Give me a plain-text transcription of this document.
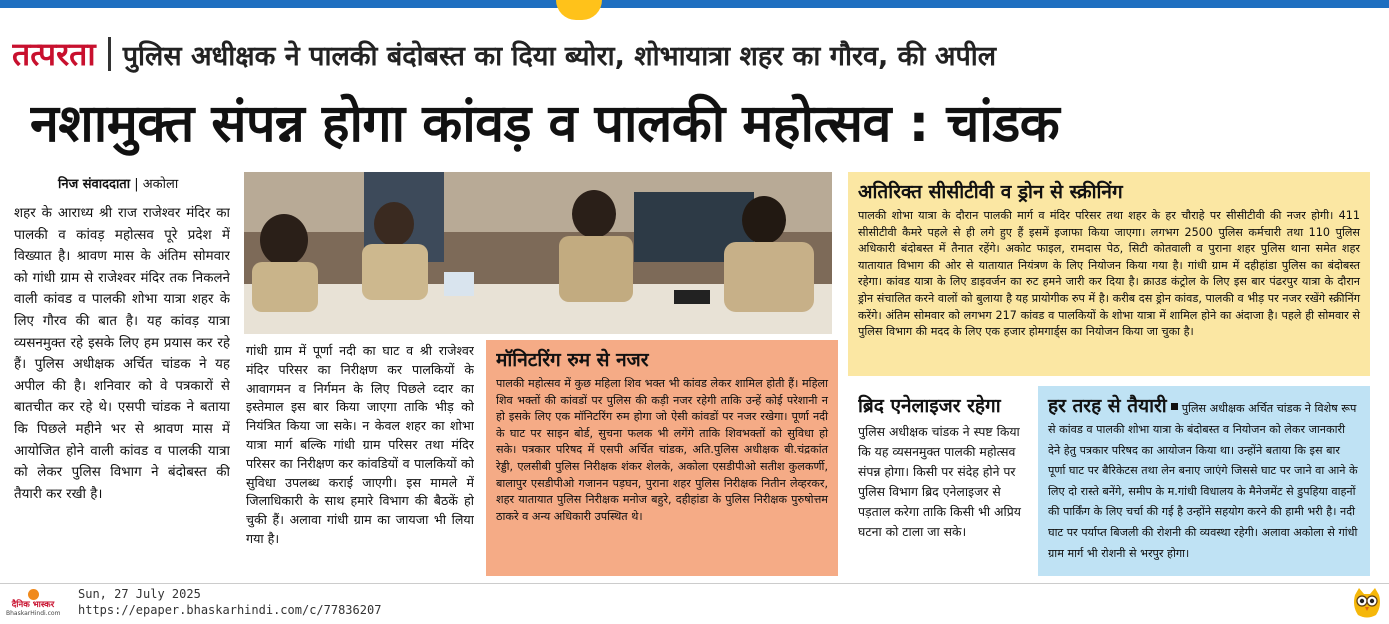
तत्परता पुलिस अधीक्षक ने पालकी बंदोबस्त का दिया ब्योरा, शोभायात्रा शहर का गौरव, की अपील
नशामुक्त संपन्न होगा कांवड़ व पालकी महोत्सव : चांडक
निज संवाददाता | अकोला
शहर के आराध्य श्री राज राजेश्वर मंदिर का पालकी व कांवड़ महोत्सव पूरे प्रदेश में विख्यात है। श्रावण मास के अंतिम सोमवार को गांधी ग्राम से राजेश्वर मंदिर तक निकलने वाली कांवड व पालकी शोभा यात्रा शहर के लिए गौरव की बात है। यह कांवड़ यात्रा व्यसनमुक्त रहे इसके लिए हम प्रयास कर रहे हैं। पुलिस अधीक्षक अर्चित चांडक ने यह अपील की है। शनिवार को वे पत्रकारों से बातचीत कर रहे थे। एसपी चांडक ने बताया कि पिछले महीने भर से श्रावण मास में आयोजित होने वाली कांवड व पालकी यात्रा को लेकर पुलिस विभाग ने बंदोबस्त की तैयारी कर रखी है।
गांधी ग्राम में पूर्णा नदी का घाट व श्री राजेश्वर मंदिर परिसर का निरीक्षण कर पालकियों के आवागमन व निर्गमन के लिए पिछले व्दार का इस्तेमाल इस बार किया जाएगा ताकि भीड़ को नियंत्रित किया जा सके। न केवल शहर का शोभा यात्रा मार्ग बल्कि गांधी ग्राम परिसर तथा मंदिर परिसर का निरीक्षण कर कांवडियों व पालकियों को सुविधा उपलब्ध कराई जाएगी। इस मामले में जिलाधिकारी के साथ हमारे विभाग की बैठकें हो चुकी हैं। अलावा गांधी ग्राम का जायजा भी लिया गया है।
मॉनिटरिंग रुम से नजर

पालकी महोत्सव में कुछ महिला शिव भक्त भी कांवड लेकर शामिल होती हैं। महिला शिव भक्तों की कांवडों पर पुलिस की कड़ी नजर रहेगी ताकि उन्हें कोई परेशानी न हो इसके लिए एक मॉनिटरिंग रुम होगा जो ऐसी कांवडों पर नजर रखेगा। पूर्णा नदी के घाट पर साइन बोर्ड, सुचना फलक भी लगेंगे ताकि शिवभक्तों को सुविधा हो सके। पत्रकार परिषद में एसपी अर्चित चांडक, अति.पुलिस अधीक्षक बी.चंद्रकांत रेड्डी, एलसीबी पुलिस निरीक्षक शंकर शेलके, अकोला एसडीपीओ सतीश कुलकर्णी, बालापुर एसडीपीओ गजानन पड़घन, पुराना शहर पुलिस निरीक्षक नितीन लेव्हरकर, शहर यातायात पुलिस निरीक्षक मनोज बहुरे, दहीहांडा के पुलिस निरीक्षक पुरुषोत्तम ठाकरे व अन्य अधिकारी उपस्थित थे।

अतिरिक्त सीसीटीवी व ड्रोन से स्क्रीनिंग

पालकी शोभा यात्रा के दौरान पालकी मार्ग व मंदिर परिसर तथा शहर के हर चौराहे पर सीसीटीवी की नजर होगी। 411 सीसीटीवी कैमरे पहले से ही लगे हुए हैं इसमें इजाफा किया जाएगा। लगभग 2500 पुलिस कर्मचारी तथा 110 पुलिस अधिकारी बंदोबस्त में तैनात रहेंगे। अकोट फाइल, रामदास पेठ, सिटी कोतवाली व पुराना शहर पुलिस थाना समेत शहर यातायात विभाग की ओर से यातायात नियंत्रण के लिए नियोजन किया गया है। गांधी ग्राम में दहीहांडा पुलिस का बंदोबस्त रहेगा। कांवड यात्रा के लिए डाइवर्जन का रुट हमने जारी कर दिया है। क्राउड कंट्रोल के लिए इस बार पंढरपुर यात्रा के दौरान ड्रोन संचालित करने वालों को बुलाया है यह प्रायोगीक रुप में है। करीब दस ड्रोन कांवड, पालकी व भीड़ पर नजर रखेंगे स्क्रीनिंग करेंगे। अंतिम सोमवार को लगभग 217 कांवड व पालकियों के शोभा यात्रा में शामिल होने का अंदाजा है। पहले ही सोमवार से पुलिस विभाग की मदद के लिए एक हजार होमगार्ड्स का नियोजन किया जा चुका है।

ब्रिद एनेलाइजर रहेगा

पुलिस अधीक्षक चांडक ने स्पष्ट किया कि यह व्यसनमुक्त पालकी महोत्सव संपन्न होगा। किसी पर संदेह होने पर पुलिस विभाग ब्रिद एनेलाइजर से पड़ताल करेगा ताकि किसी भी अप्रिय घटना को टाला जा सके।

हर तरह से तैयारी पुलिस अधीक्षक अर्चित चांडक ने विशेष रूप से कांवड व पालकी शोभा यात्रा के बंदोबस्त व नियोजन को लेकर जानकारी देने हेतु पत्रकार परिषद का आयोजन किया था। उन्होंने बताया कि इस बार पूर्णा घाट पर बैरिकेटस तथा लेन बनाए जाएंगे जिससे घाट पर जाने वा आने के लिए दो रास्ते बनेंगे, समीप के म.गांधी विधालय के मैनेजमेंट से डुपहिया वाहनों की पार्किंग के लिए चर्चा की गई है उन्होंने सहयोग करने की हामी भरी है। नदी घाट पर पर्याप्त बिजली की रोशनी की व्यवस्था रहेगी। अलावा अकोला से गांधी ग्राम मार्ग भी रोशनी से भरपुर होगा।

दैनिक भास्कर
BhaskarHindi.com
Sun, 27 July 2025
https://epaper.bhaskarhindi.com/c/77836207
